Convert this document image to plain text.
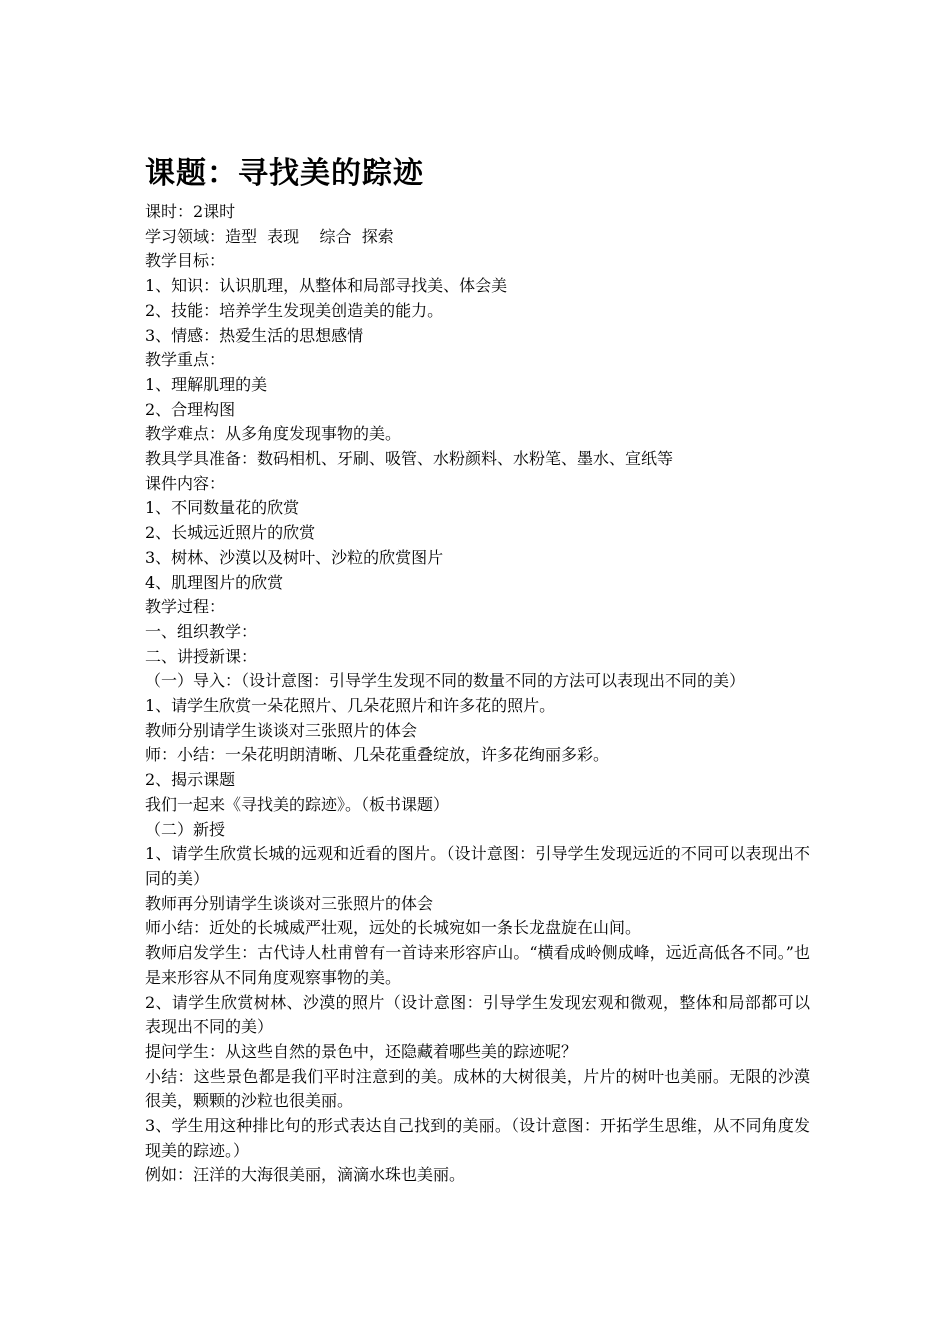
课题：寻找美的踪迹
课时：2课时
学习领域：造型  表现    综合  探索
教学目标：
1、知识：认识肌理，从整体和局部寻找美、体会美
2、技能：培养学生发现美创造美的能力。
3、情感：热爱生活的思想感情
教学重点：
1、理解肌理的美
2、合理构图
教学难点：从多角度发现事物的美。
教具学具准备：数码相机、牙刷、吸管、水粉颜料、水粉笔、墨水、宣纸等
课件内容：
1、不同数量花的欣赏
2、长城远近照片的欣赏
3、树林、沙漠以及树叶、沙粒的欣赏图片
4、肌理图片的欣赏
教学过程：
一、组织教学：
二、讲授新课：
（一）导入：（设计意图：引导学生发现不同的数量不同的方法可以表现出不同的美）
1、请学生欣赏一朵花照片、几朵花照片和许多花的照片。
教师分别请学生谈谈对三张照片的体会
师：小结：一朵花明朗清晰、几朵花重叠绽放，许多花绚丽多彩。
2、揭示课题
我们一起来《寻找美的踪迹》。（板书课题）
（二）新授
1、请学生欣赏长城的远观和近看的图片。（设计意图：引导学生发现远近的不同可以表现出不同的美）
教师再分别请学生谈谈对三张照片的体会
师小结：近处的长城威严壮观，远处的长城宛如一条长龙盘旋在山间。
教师启发学生：古代诗人杜甫曾有一首诗来形容庐山。“横看成岭侧成峰，远近高低各不同。”也是来形容从不同角度观察事物的美。
2、请学生欣赏树林、沙漠的照片（设计意图：引导学生发现宏观和微观，整体和局部都可以表现出不同的美）
提问学生：从这些自然的景色中，还隐藏着哪些美的踪迹呢？
小结：这些景色都是我们平时注意到的美。成林的大树很美，片片的树叶也美丽。无限的沙漠很美，颗颗的沙粒也很美丽。
3、学生用这种排比句的形式表达自己找到的美丽。（设计意图：开拓学生思维，从不同角度发现美的踪迹。）
例如：汪洋的大海很美丽，滴滴水珠也美丽。
